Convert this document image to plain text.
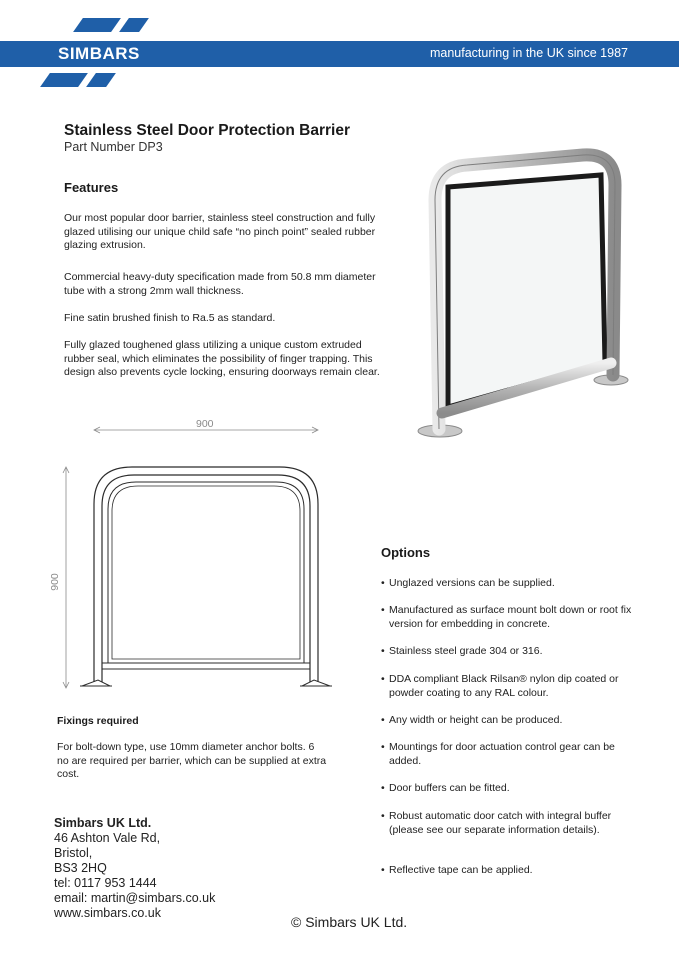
SIMBARS	manufacturing in the UK since 1987
Stainless Steel Door Protection Barrier
Part Number DP3
Features
Our most popular door barrier, stainless steel construction and fully glazed utilising our unique child safe “no pinch point” sealed rubber glazing extrusion.
Commercial heavy-duty specification made from 50.8 mm diameter tube with a strong 2mm wall thickness.
Fine satin brushed finish to Ra.5 as standard.
Fully glazed toughened glass utilizing a unique custom extruded rubber seal, which eliminates the possibility of finger trapping. This design also prevents cycle locking, ensuring doorways remain clear.
900
900
Fixings required
For bolt-down type, use 10mm diameter anchor bolts. 6 no are required per barrier, which can be supplied at extra cost.
Options
• Unglazed versions can be supplied.
• Manufactured as surface mount bolt down or root fix version for embedding in concrete.
• Stainless steel grade 304 or 316.
• DDA compliant Black Rilsan® nylon dip coated or powder coating to any RAL colour.
• Any width or height can be produced.
• Mountings for door actuation control gear can be added.
• Door buffers can be fitted.
• Robust automatic door catch with integral buffer (please see our separate information details).
• Reflective tape can be applied.
Simbars UK Ltd.
46 Ashton Vale Rd,
Bristol,
BS3 2HQ
tel: 0117 953 1444
email: martin@simbars.co.uk
www.simbars.co.uk
© Simbars UK Ltd.
